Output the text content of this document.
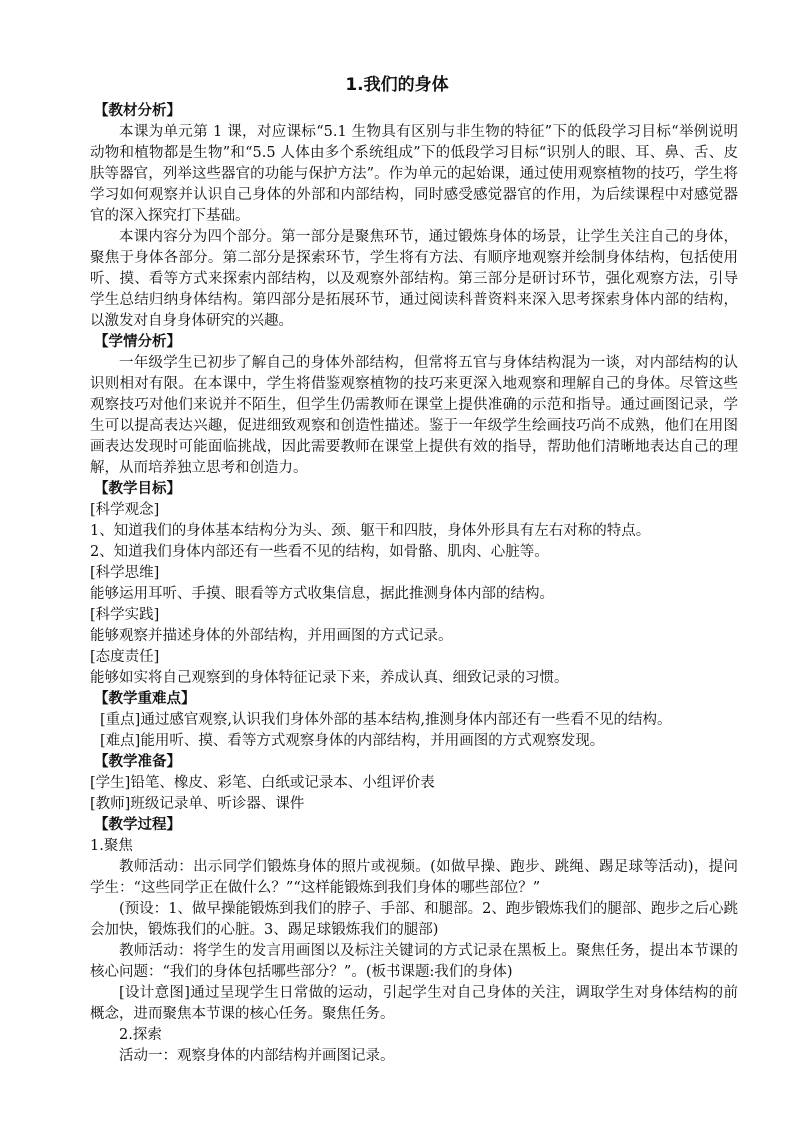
1.我们的身体

【教材分析】

本课为单元第 1 课，对应课标“5.1 生物具有区别与非生物的特征”下的低段学习目标“举例说明动物和植物都是生物”和“5.5 人体由多个系统组成”下的低段学习目标“识别人的眼、耳、鼻、舌、皮肤等器官，列举这些器官的功能与保护方法”。作为单元的起始课，通过使用观察植物的技巧，学生将学习如何观察并认识自己身体的外部和内部结构，同时感受感觉器官的作用，为后续课程中对感觉器官的深入探究打下基础。

本课内容分为四个部分。第一部分是聚焦环节，通过锻炼身体的场景，让学生关注自己的身体，聚焦于身体各部分。第二部分是探索环节，学生将有方法、有顺序地观察并绘制身体结构，包括使用听、摸、看等方式来探索内部结构，以及观察外部结构。第三部分是研讨环节，强化观察方法，引导学生总结归纳身体结构。第四部分是拓展环节，通过阅读科普资料来深入思考探索身体内部的结构，以激发对自身身体研究的兴趣。

【学情分析】

一年级学生已初步了解自己的身体外部结构，但常将五官与身体结构混为一谈，对内部结构的认识则相对有限。在本课中，学生将借鉴观察植物的技巧来更深入地观察和理解自己的身体。尽管这些观察技巧对他们来说并不陌生，但学生仍需教师在课堂上提供准确的示范和指导。通过画图记录，学生可以提高表达兴趣，促进细致观察和创造性描述。鉴于一年级学生绘画技巧尚不成熟，他们在用图画表达发现时可能面临挑战，因此需要教师在课堂上提供有效的指导，帮助他们清晰地表达自己的理解，从而培养独立思考和创造力。

【教学目标】

[科学观念]

1、知道我们的身体基本结构分为头、颈、躯干和四肢，身体外形具有左右对称的特点。

2、知道我们身体内部还有一些看不见的结构，如骨骼、肌肉、心脏等。

[科学思维]

能够运用耳听、手摸、眼看等方式收集信息，据此推测身体内部的结构。

[科学实践]

能够观察并描述身体的外部结构，并用画图的方式记录。

[态度责任]

能够如实将自己观察到的身体特征记录下来，养成认真、细致记录的习惯。

【教学重难点】

[重点]通过感官观察,认识我们身体外部的基本结构,推测身体内部还有一些看不见的结构。

[难点]能用听、摸、看等方式观察身体的内部结构，并用画图的方式观察发现。

【教学准备】

[学生]铅笔、橡皮、彩笔、白纸或记录本、小组评价表

[教师]班级记录单、听诊器、课件

【教学过程】

1.聚焦

教师活动：出示同学们锻炼身体的照片或视频。(如做早操、跑步、跳绳、踢足球等活动)，提问学生：“这些同学正在做什么？”“这样能锻炼到我们身体的哪些部位？”

(预设：1、做早操能锻炼到我们的脖子、手部、和腿部。2、跑步锻炼我们的腿部、跑步之后心跳会加快，锻炼我们的心脏。3、踢足球锻炼我们的腿部)

教师活动：将学生的发言用画图以及标注关键词的方式记录在黑板上。聚焦任务，提出本节课的核心问题：“我们的身体包括哪些部分？”。(板书课题:我们的身体)

[设计意图]通过呈现学生日常做的运动，引起学生对自己身体的关注，调取学生对身体结构的前概念，进而聚焦本节课的核心任务。聚焦任务。

2.探索

活动一：观察身体的内部结构并画图记录。
